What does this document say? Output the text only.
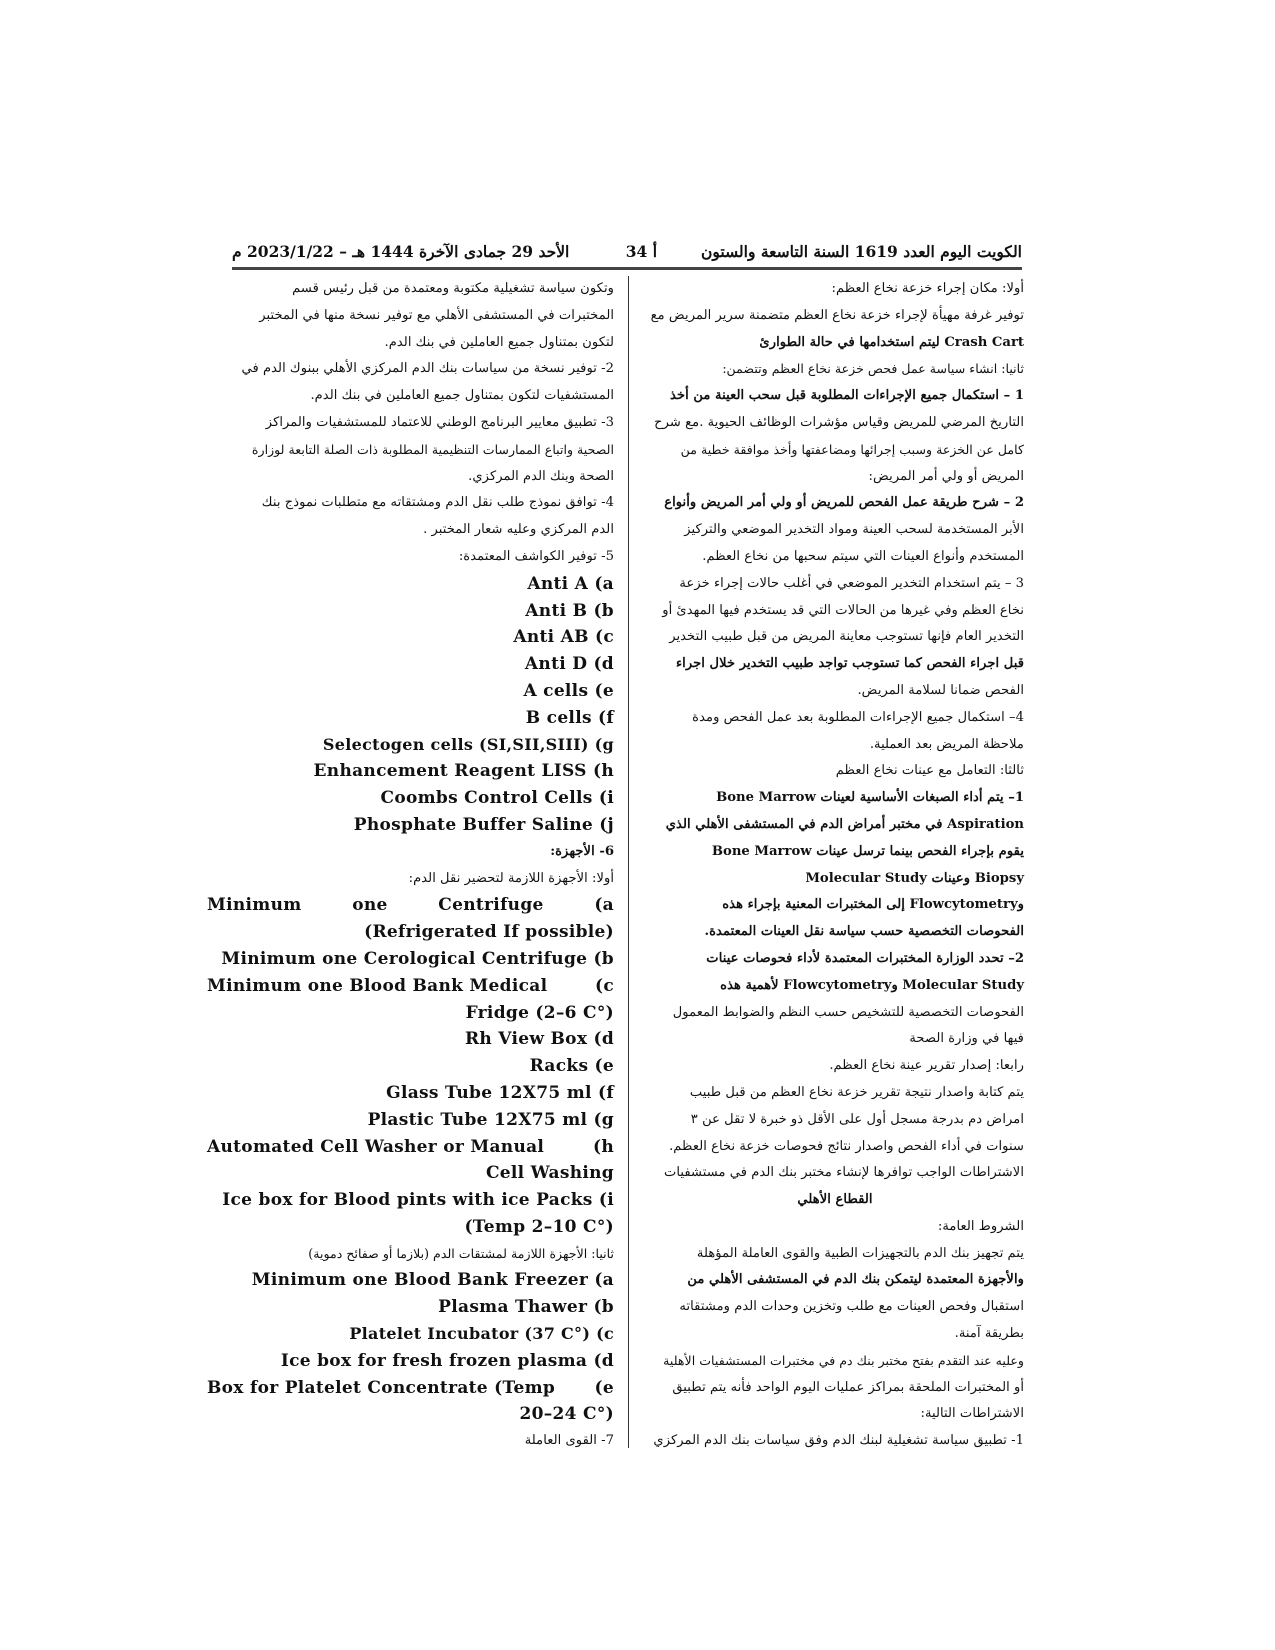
الكويت اليوم العدد 1619 السنة التاسعة والستون
أ 34
الأحد 29 جمادى الآخرة 1444 هـ – 2023/1/22 م

أولا: مكان إجراء خزعة نخاع العظم:

توفير غرفة مهيأة لإجراء خزعة نخاع العظم متضمنة سرير المريض مع

Crash Cart ليتم استخدامها في حالة الطوارئ

ثانيا: انشاء سياسة عمل فحص خزعة نخاع العظم وتتضمن:

1 – استكمال جميع الإجراءات المطلوبة قبل سحب العينة من أخذ

التاريخ المرضي للمريض وقياس مؤشرات الوظائف الحيوية .مع شرح

كامل عن الخزعة وسبب إجرائها ومضاعفتها وأخذ موافقة خطية من

المريض أو ولي أمر المريض:

2 – شرح طريقة عمل الفحص للمريض أو ولي أمر المريض وأنواع

الأبر المستخدمة لسحب العينة ومواد التخدير الموضعي والتركيز

المستخدم وأنواع العينات التي سيتم سحبها من نخاع العظم.

3 – يتم استخدام التخدير الموضعي في أغلب حالات إجراء خزعة

نخاع العظم وفي غيرها من الحالات التي قد يستخدم فيها المهدئ أو

التخدير العام فإنها تستوجب معاينة المريض من قبل طبيب التخدير

قبل اجراء الفحص كما تستوجب تواجد طبيب التخدير خلال اجراء

الفحص ضمانا لسلامة المريض.

4– استكمال جميع الإجراءات المطلوبة بعد عمل الفحص ومدة

ملاحظة المريض بعد العملية.

ثالثا: التعامل مع عينات نخاع العظم

1– يتم أداء الصبغات الأساسية لعينات Bone Marrow

Aspiration في مختبر أمراض الدم في المستشفى الأهلي الذي

يقوم بإجراء الفحص بينما ترسل عينات Bone Marrow

Biopsy وعينات Molecular Study

وFlowcytometry إلى المختبرات المعنية بإجراء هذه

الفحوصات التخصصية حسب سياسة نقل العينات المعتمدة.

2– تحدد الوزارة المختبرات المعتمدة لأداء فحوصات عينات

Molecular Study وFlowcytometry لأهمية هذه

الفحوصات التخصصية للتشخيص حسب النظم والضوابط المعمول

فيها في وزارة الصحة

رابعا: إصدار تقرير عينة نخاع العظم.

يتم كتابة واصدار نتيجة تقرير خزعة نخاع العظم من قبل طبيب

امراض دم بدرجة مسجل أول على الأقل ذو خبرة لا تقل عن ٣

سنوات في أداء الفحص واصدار نتائج فحوصات خزعة نخاع العظم.

الاشتراطات الواجب توافرها لإنشاء مختبر بنك الدم في مستشفيات

القطاع الأهلي

الشروط العامة:

يتم تجهيز بنك الدم بالتجهيزات الطبية والقوى العاملة المؤهلة

والأجهزة المعتمدة ليتمكن بنك الدم في المستشفى الأهلي من

استقبال وفحص العينات مع طلب وتخزين وحدات الدم ومشتقاته

بطريقة آمنة.

وعليه عند التقدم بفتح مختبر بنك دم في مختبرات المستشفيات الأهلية

أو المختبرات الملحقة بمراكز عمليات اليوم الواحد فأنه يتم تطبيق

الاشتراطات التالية:

1- تطبيق سياسة تشغيلية لبنك الدم وفق سياسات بنك الدم المركزي

وتكون سياسة تشغيلية مكتوبة ومعتمدة من قبل رئيس قسم

المختبرات في المستشفى الأهلي مع توفير نسخة منها في المختبر

لتكون بمتناول جميع العاملين في بنك الدم.

2- توفير نسخة من سياسات بنك الدم المركزي الأهلي ببنوك الدم في

المستشفيات لتكون بمتناول جميع العاملين في بنك الدم.

3- تطبيق معايير البرنامج الوطني للاعتماد للمستشفيات والمراكز

الصحية واتباع الممارسات التنظيمية المطلوبة ذات الصلة التابعة لوزارة

الصحة وبنك الدم المركزي.

4- توافق نموذج طلب نقل الدم ومشتقاته مع متطلبات نموذج بنك

الدم المركزي وعليه شعار المختبر .

5- توفير الكواشف المعتمدة:

Anti A (a

Anti B (b

Anti AB (c

Anti D (d

A cells (e

B cells (f

Selectogen cells (SI,SII,SIII) (g

Enhancement Reagent LISS (h

Coombs Control Cells (i

Phosphate Buffer Saline (j

6- الأجهزة:

أولا: الأجهزة اللازمة لتحضير نقل الدم:

Minimum	one	Centrifuge	(a

(Refrigerated If possible)

Minimum one Cerological Centrifuge (b

Minimum one Blood Bank Medical	(c

Fridge (2–6 C°)

Rh View Box (d

Racks (e

Glass Tube 12X75 ml (f

Plastic Tube 12X75 ml (g

Automated Cell Washer or Manual	(h

Cell Washing

Ice box for Blood pints with ice Packs (i

(Temp 2–10 C°)

ثانيا: الأجهزة اللازمة لمشتقات الدم (بلازما أو صفائح دموية)

Minimum one Blood Bank Freezer (a

Plasma Thawer (b

Platelet Incubator (37 C°) (c

Ice box for fresh frozen plasma (d

Box for Platelet Concentrate (Temp (e

20–24 C°)

7- القوى العاملة
